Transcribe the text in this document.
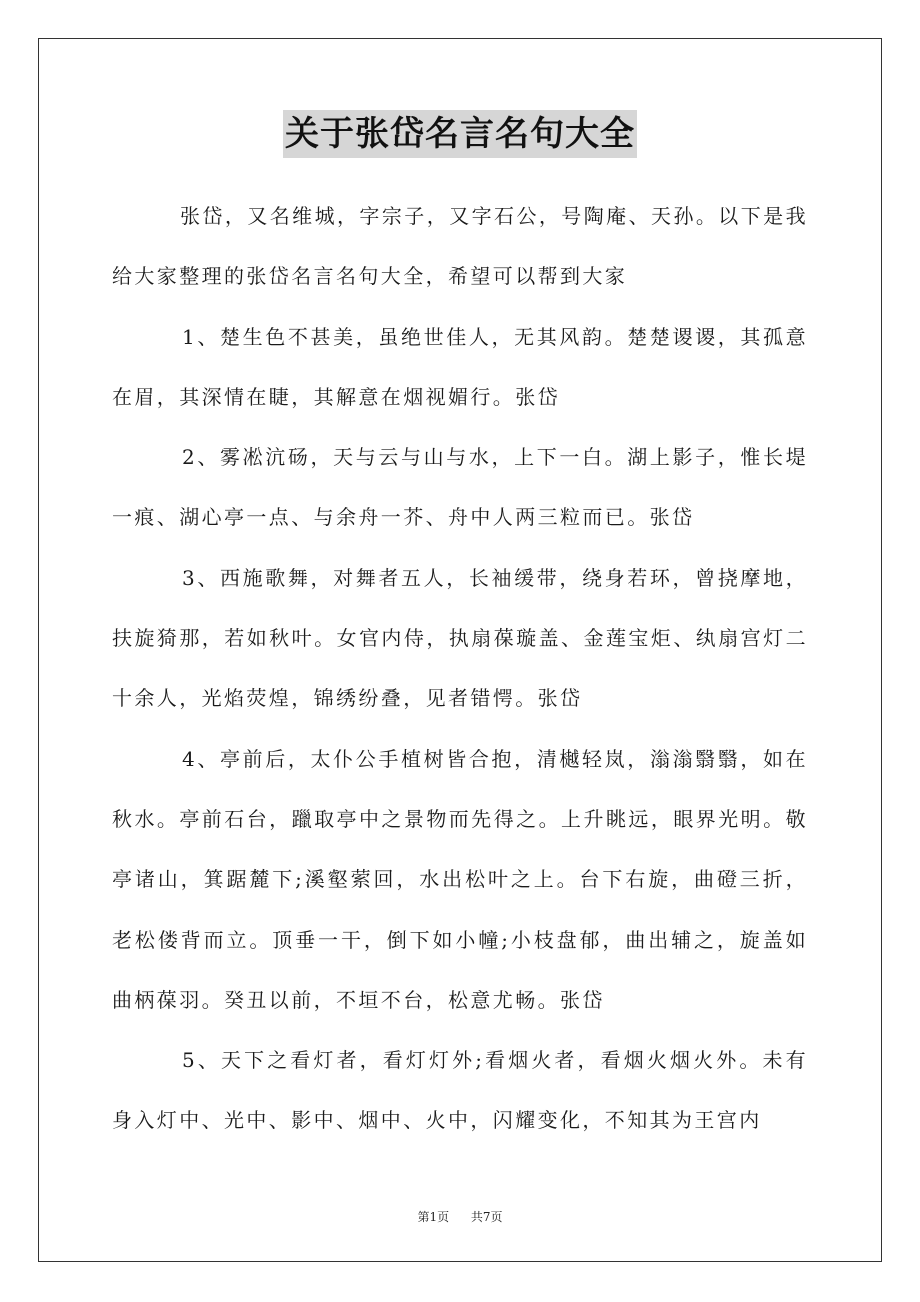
关于张岱名言名句大全

张岱，又名维城，字宗子，又字石公，号陶庵、天孙。以下是我给大家整理的张岱名言名句大全，希望可以帮到大家

1、楚生色不甚美，虽绝世佳人，无其风韵。楚楚谡谡，其孤意在眉，其深情在睫，其解意在烟视媚行。张岱

2、雾凇沆砀，天与云与山与水，上下一白。湖上影子，惟长堤一痕、湖心亭一点、与余舟一芥、舟中人两三粒而已。张岱

3、西施歌舞，对舞者五人，长袖缓带，绕身若环，曾挠摩地，扶旋猗那，若如秋叶。女官内侍，执扇葆璇盖、金莲宝炬、纨扇宫灯二十余人，光焰荧煌，锦绣纷叠，见者错愕。张岱

4、亭前后，太仆公手植树皆合抱，清樾轻岚，滃滃翳翳，如在秋水。亭前石台，躐取亭中之景物而先得之。上升眺远，眼界光明。敬亭诸山，箕踞麓下;溪壑萦回，水出松叶之上。台下右旋，曲磴三折，老松偻背而立。顶垂一干，倒下如小幢;小枝盘郁，曲出辅之，旋盖如曲柄葆羽。癸丑以前，不垣不台，松意尤畅。张岱

5、天下之看灯者，看灯灯外;看烟火者，看烟火烟火外。未有身入灯中、光中、影中、烟中、火中，闪耀变化，不知其为王宫内

第1页 共7页
